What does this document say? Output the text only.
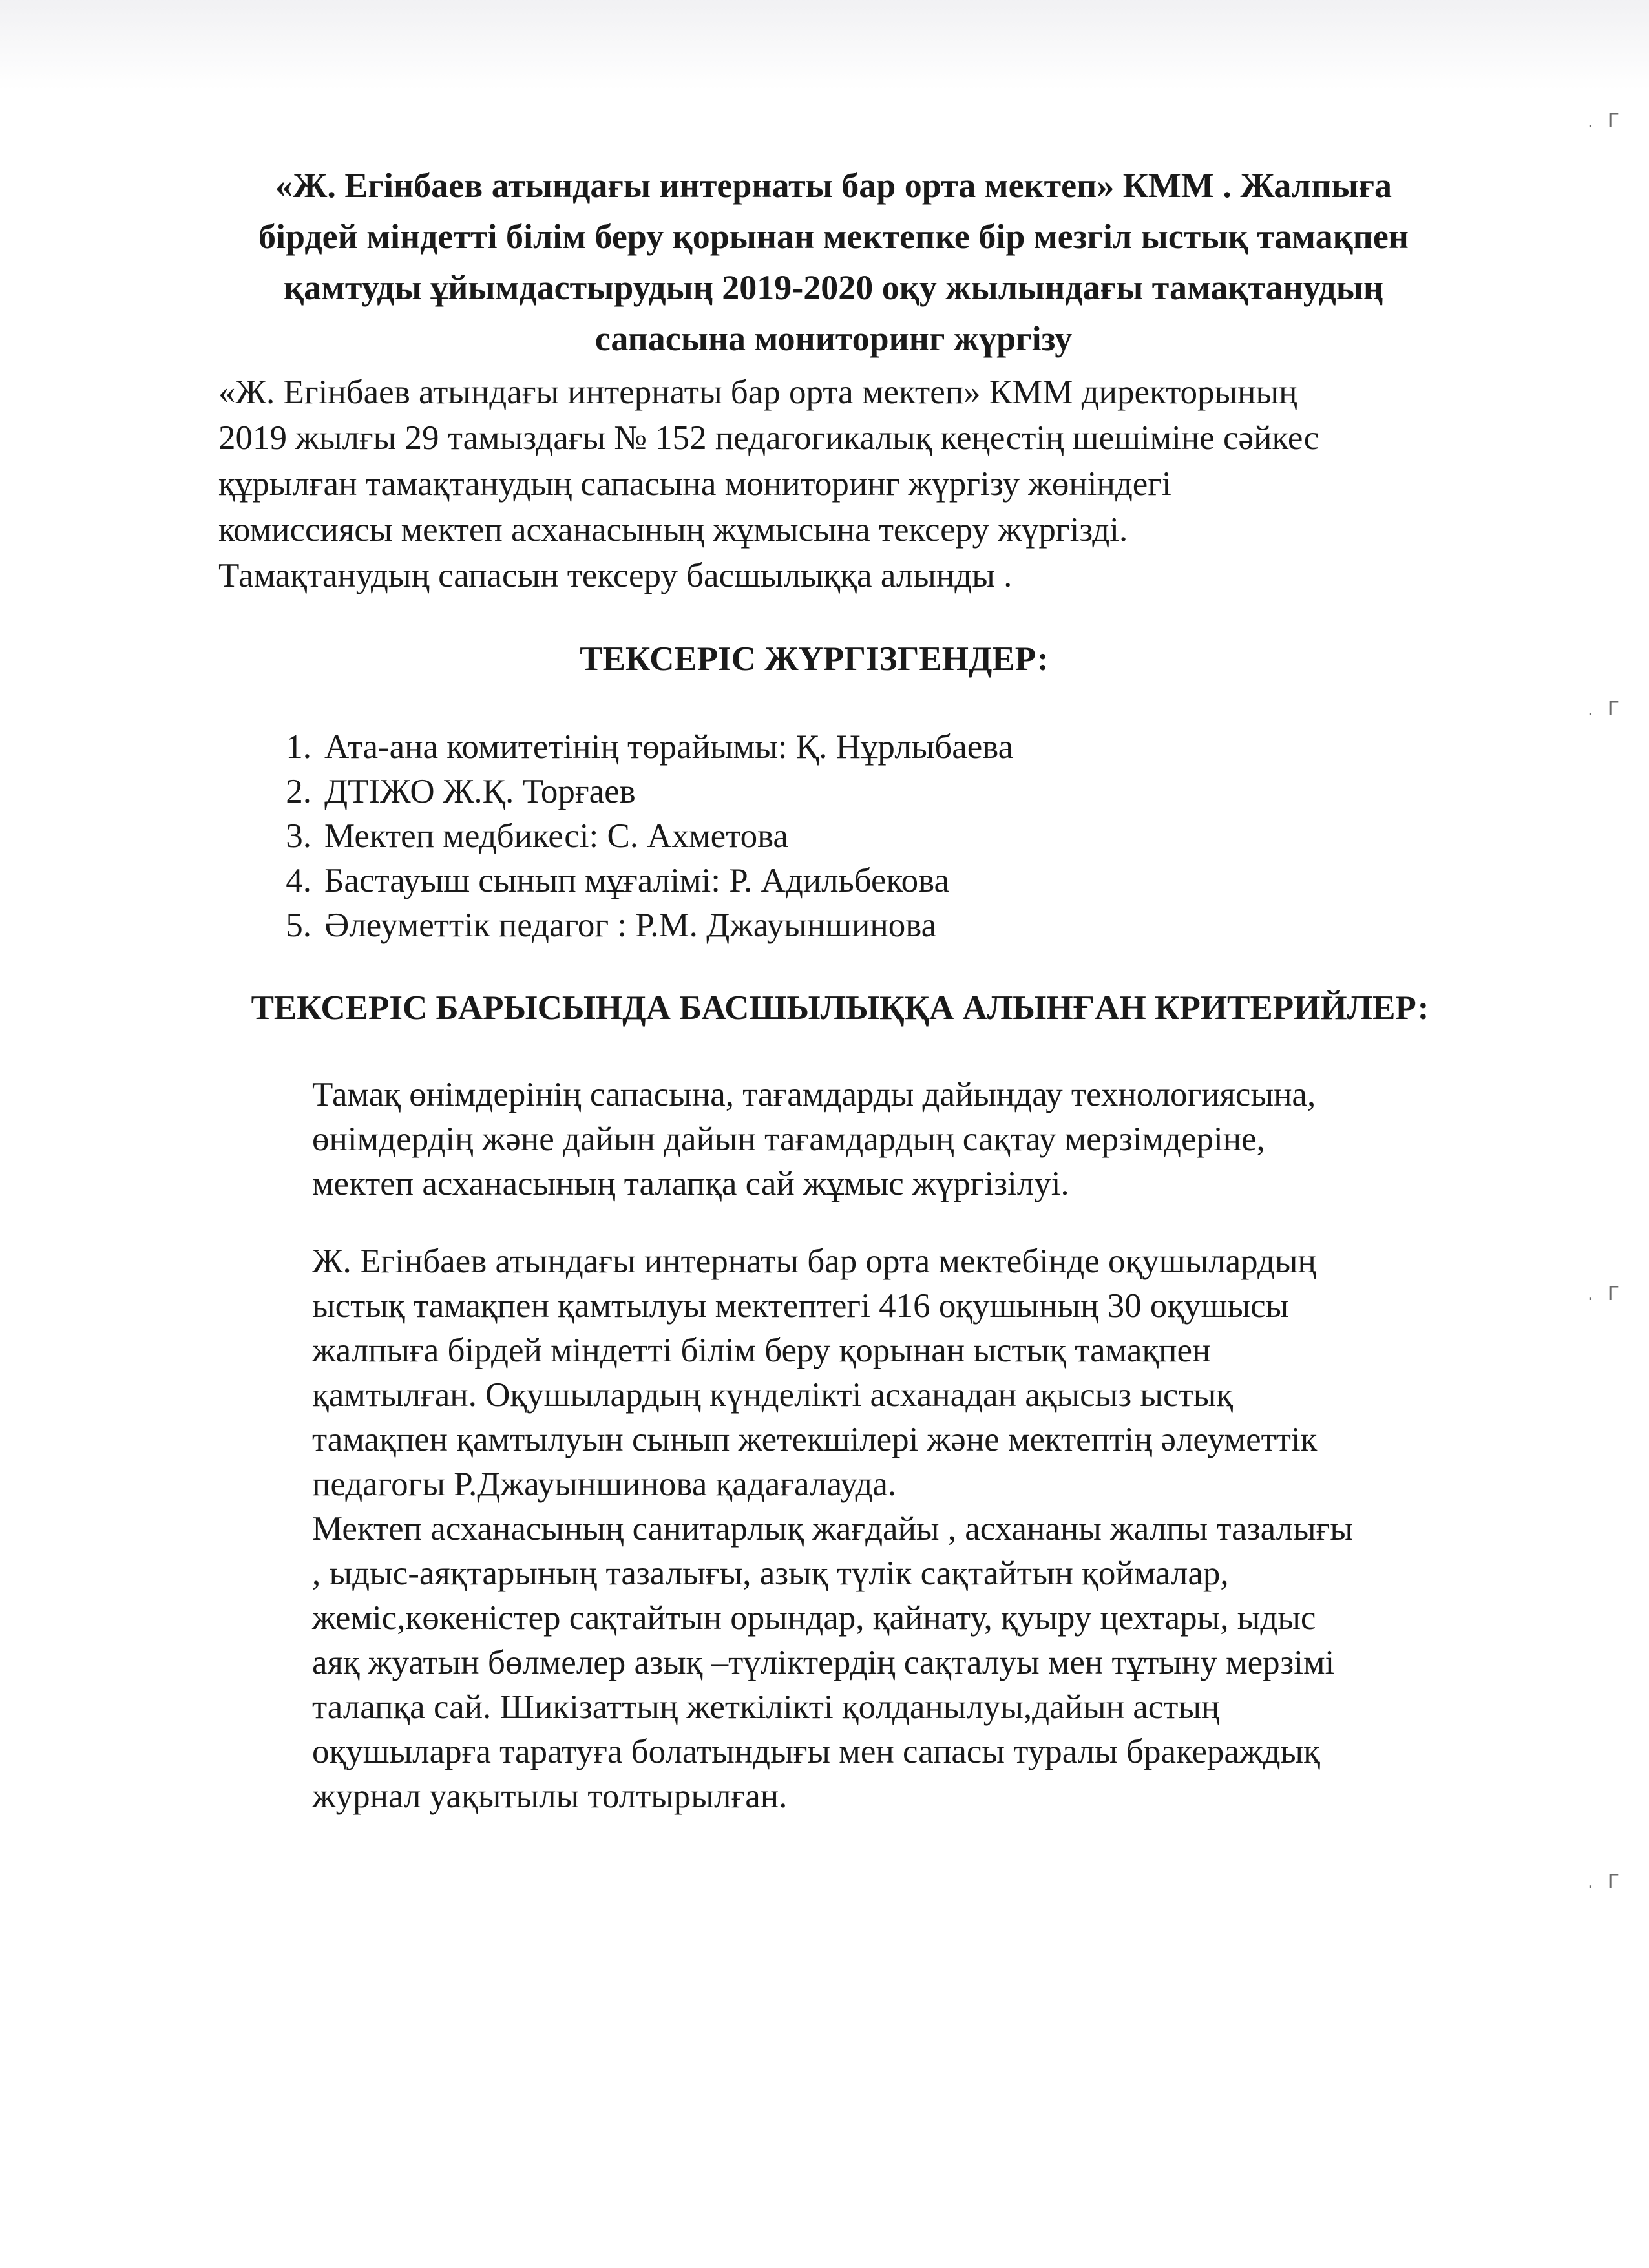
«Ж. Егінбаев атындағы интернаты бар орта мектеп» КММ . Жалпыға
бірдей міндетті білім беру қорынан мектепке бір мезгіл ыстық тамақпен
қамтуды ұйымдастырудың 2019-2020 оқу жылындағы тамақтанудың
сапасына мониторинг жүргізу

«Ж. Егінбаев атындағы интернаты бар орта мектеп» КММ директорының
2019 жылғы 29 тамыздағы № 152 педагогикалық кеңестің шешіміне сәйкес
құрылған тамақтанудың сапасына мониторинг жүргізу жөніндегі
комиссиясы мектеп асханасының жұмысына тексеру жүргізді.
Тамақтанудың сапасын тексеру басшылыққа алынды .

ТЕКСЕРІС ЖҮРГІЗГЕНДЕР:
1. Ата-ана комитетінің төрайымы: Қ. Нұрлыбаева
2. ДТІЖО Ж.Қ. Торғаев
3. Мектеп медбикесі: С. Ахметова
4. Бастауыш сынып мұғалімі: Р. Адильбекова
5. Әлеуметтік педагог : Р.М. Джауыншинова
ТЕКСЕРІС БАРЫСЫНДА БАСШЫЛЫҚҚА АЛЫНҒАН КРИТЕРИЙЛЕР:

Тамақ өнімдерінің сапасына, тағамдарды дайындау технологиясына,
өнімдердің және дайын дайын тағамдардың сақтау мерзімдеріне,
мектеп асханасының талапқа сай жұмыс жүргізілуі.

Ж. Егінбаев атындағы интернаты бар орта мектебінде оқушылардың
ыстық тамақпен қамтылуы мектептегі 416 оқушының 30 оқушысы
жалпыға бірдей міндетті білім беру қорынан ыстық тамақпен
қамтылған. Оқушылардың күнделікті асханадан ақысыз ыстық
тамақпен қамтылуын сынып жетекшілері және мектептің әлеуметтік
педагогы Р.Джауыншинова қадағалауда.

Мектеп асханасының санитарлық жағдайы , асхананы жалпы тазалығы
, ыдыс-аяқтарының тазалығы, азық түлік сақтайтын қоймалар,
жеміс,көкеністер сақтайтын орындар, қайнату, қуыру цехтары, ыдыс
аяқ жуатын бөлмелер азық –түліктердің сақталуы мен тұтыну мерзімі
талапқа сай. Шикізаттың жеткілікті қолданылуы,дайын астың
оқушыларға таратуға болатындығы мен сапасы туралы бракераждық
журнал уақытылы толтырылған.

. Г
. Г
. Г
. Г
